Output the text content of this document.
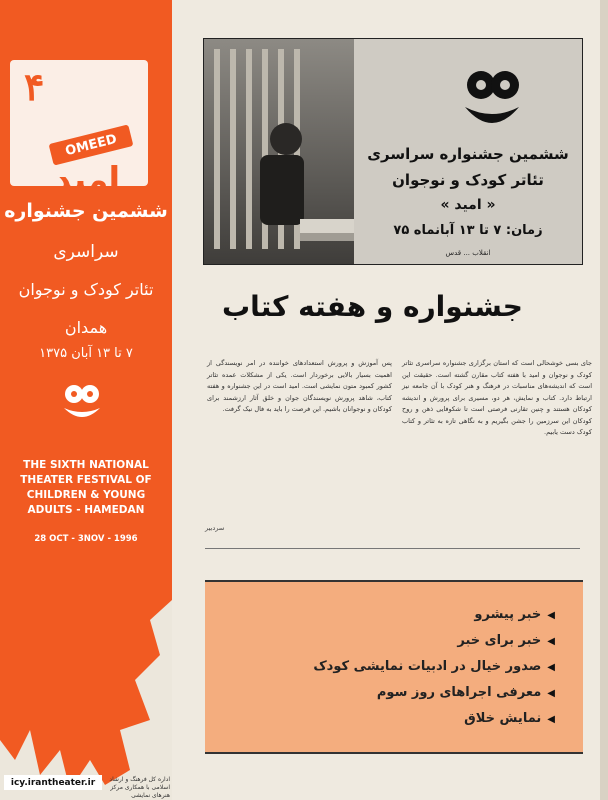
۴
OMEED
امید
ششمین جشنواره
سراسری
تئاتر کودک و نوجوان
همدان
۷ تا ۱۳ آبان ۱۳۷۵
THE SIXTH NATIONAL THEATER FESTIVAL OF CHILDREN & YOUNG ADULTS - HAMEDAN
28 OCT - 3NOV - 1996
icy.irantheater.ir	اداره کل فرهنگ و ارشاد اسلامی با همکاری مرکز هنرهای نمایشی
ششمین جشنواره سراسری
تئاتر کودک و نوجوان
« امید »
زمان: ۷ تا ۱۳ آبانماه ۷۵
انقلاب ... قدس
جشنواره و هفته کتاب
جای بسی خوشحالی است که استان برگزاری جشنواره سراسری تئاتر کودک و نوجوان و امید با هفته کتاب مقارن گشته است. حقیقت این است که اندیشه‌های مناسبات در فرهنگ و هنر کودک با آن جامعه نیز ارتباط دارد. کتاب و نمایش، هر دو، مسیری برای پرورش و اندیشه کودکان هستند و چنین تقارنی فرصتی است تا شکوفایی ذهن و روح کودکان این سرزمین را جشن بگیریم و به نگاهی تازه به تئاتر و کتاب کودک دست یابیم.
پس آموزش و پرورش استعدادهای خواننده در امر نویسندگی از اهمیت بسیار بالایی برخوردار است. یکی از مشکلات عمده تئاتر کشور کمبود متون نمایشی است. امید است در این جشنواره و هفته کتاب، شاهد پرورش نویسندگان جوان و خلق آثار ارزشمند برای کودکان و نوجوانان باشیم. این فرصت را باید به فال نیک گرفت.
سردبیر
◀خبر پیشرو
◀خبر برای خبر
◀صدور خیال در ادبیات نمایشی کودک
◀معرفی اجراهای روز سوم
◀نمایش خلاق
